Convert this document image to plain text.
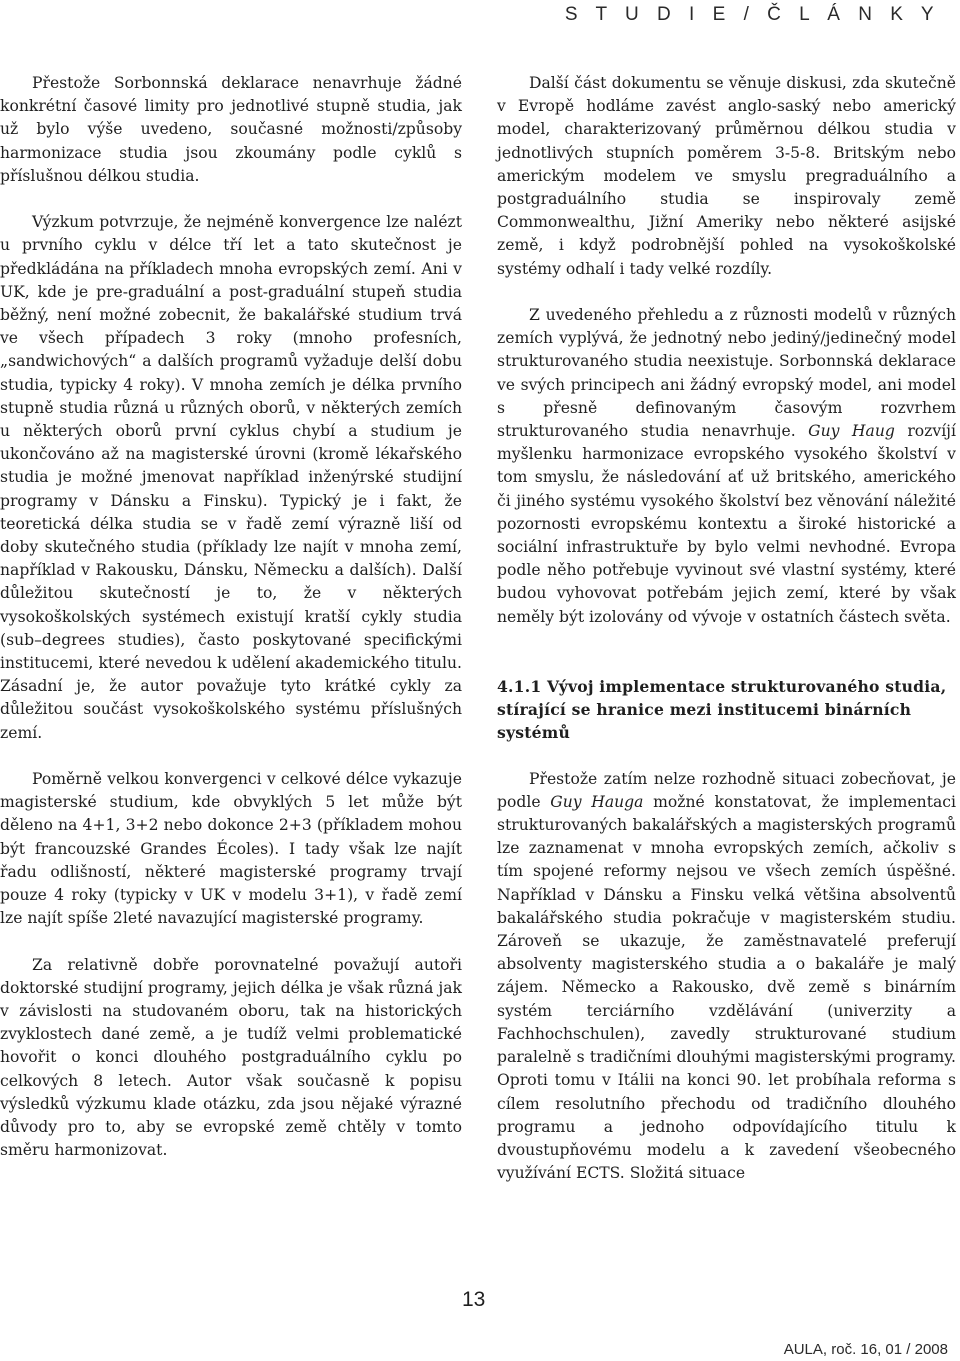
S T U D I E / Č L Á N K Y

Přestože Sorbonnská deklarace nenavrhuje žádné konkrétní časové limity pro jednotlivé stupně studia, jak už bylo výše uvedeno, současné možnosti/způsoby harmonizace studia jsou zkoumány podle cyklů s příslušnou délkou studia.

Výzkum potvrzuje, že nejméně konvergence lze nalézt u prvního cyklu v délce tří let a tato skutečnost je předkládána na příkladech mnoha evropských zemí. Ani v UK, kde je pre-graduální a post-graduální stupeň studia běžný, není možné zobecnit, že bakalářské studium trvá ve všech případech 3 roky (mnoho profesních, „sandwichových“ a dalších programů vyžaduje delší dobu studia, typicky 4 roky). V mnoha zemích je délka prvního stupně studia různá u různých oborů, v některých zemích u některých oborů první cyklus chybí a studium je ukončováno až na magisterské úrovni (kromě lékařského studia je možné jmenovat například inženýrské studijní programy v Dánsku a Finsku). Typický je i fakt, že teoretická délka studia se v řadě zemí výrazně liší od doby skutečného studia (příklady lze najít v mnoha zemí, například v Rakousku, Dánsku, Německu a dalších). Další důležitou skutečností je to, že v některých vysokoškolských systémech existují kratší cykly studia (sub–degrees studies), často poskytované specifickými institucemi, které nevedou k udělení akademického titulu. Zásadní je, že autor považuje tyto krátké cykly za důležitou součást vysokoškolského systému příslušných zemí.

Poměrně velkou konvergenci v celkové délce vykazuje magisterské studium, kde obvyklých 5 let může být děleno na 4+1, 3+2 nebo dokonce 2+3 (příkladem mohou být francouzské Grandes Écoles). I tady však lze najít řadu odlišností, některé magisterské programy trvají pouze 4 roky (typicky v UK v modelu 3+1), v řadě zemí lze najít spíše 2leté navazující magisterské programy.

Za relativně dobře porovnatelné považují autoři doktorské studijní programy, jejich délka je však různá jak v závislosti na studovaném oboru, tak na historických zvyklostech dané země, a je tudíž velmi problematické hovořit o konci dlouhého postgraduálního cyklu po celkových 8 letech. Autor však současně k popisu výsledků výzkumu klade otázku, zda jsou nějaké výrazné důvody pro to, aby se evropské země chtěly v tomto směru harmonizovat.

Další část dokumentu se věnuje diskusi, zda skutečně v Evropě hodláme zavést anglo-saský nebo americký model, charakterizovaný průměrnou délkou studia v jednotlivých stupních poměrem 3-5-8. Britským nebo americkým modelem ve smyslu pregraduálního a postgraduálního studia se inspirovaly země Commonwealthu, Jižní Ameriky nebo některé asijské země, i když podrobnější pohled na vysokoškolské systémy odhalí i tady velké rozdíly.

Z uvedeného přehledu a z různosti modelů v různých zemích vyplývá, že jednotný nebo jediný/jedinečný model strukturovaného studia neexistuje. Sorbonnská deklarace ve svých principech ani žádný evropský model, ani model s přesně definovaným časovým rozvrhem strukturovaného studia nenavrhuje. Guy Haug rozvíjí myšlenku harmonizace evropského vysokého školství v tom smyslu, že následování ať už britského, amerického či jiného systému vysokého školství bez věnování náležité pozornosti evropskému kontextu a široké historické a sociální infrastruktuře by bylo velmi nevhodné. Evropa podle něho potřebuje vyvinout své vlastní systémy, které budou vyhovovat potřebám jejich zemí, které by však neměly být izolovány od vývoje v ostatních částech světa.

4.1.1 Vývoj implementace strukturovaného studia, stírající se hranice mezi institucemi binárních systémů

Přestože zatím nelze rozhodně situaci zobecňovat, je podle Guy Hauga možné konstatovat, že implementaci strukturovaných bakalářských a magisterských programů lze zaznamenat v mnoha evropských zemích, ačkoliv s tím spojené reformy nejsou ve všech zemích úspěšné. Například v Dánsku a Finsku velká většina absolventů bakalářského studia pokračuje v magisterském studiu. Zároveň se ukazuje, že zaměstnavatelé preferují absolventy magisterského studia a o bakaláře je malý zájem. Německo a Rakousko, dvě země s binárním systém terciárního vzdělávání (univerzity a Fachhochschulen), zavedly strukturované studium paralelně s tradičními dlouhými magisterskými programy. Oproti tomu v Itálii na konci 90. let probíhala reforma s cílem resolutního přechodu od tradičního dlouhého programu a jednoho odpovídajícího titulu k dvoustupňovému modelu a k zavedení všeobecného využívání ECTS. Složitá situace

13
AULA, roč. 16, 01 / 2008
